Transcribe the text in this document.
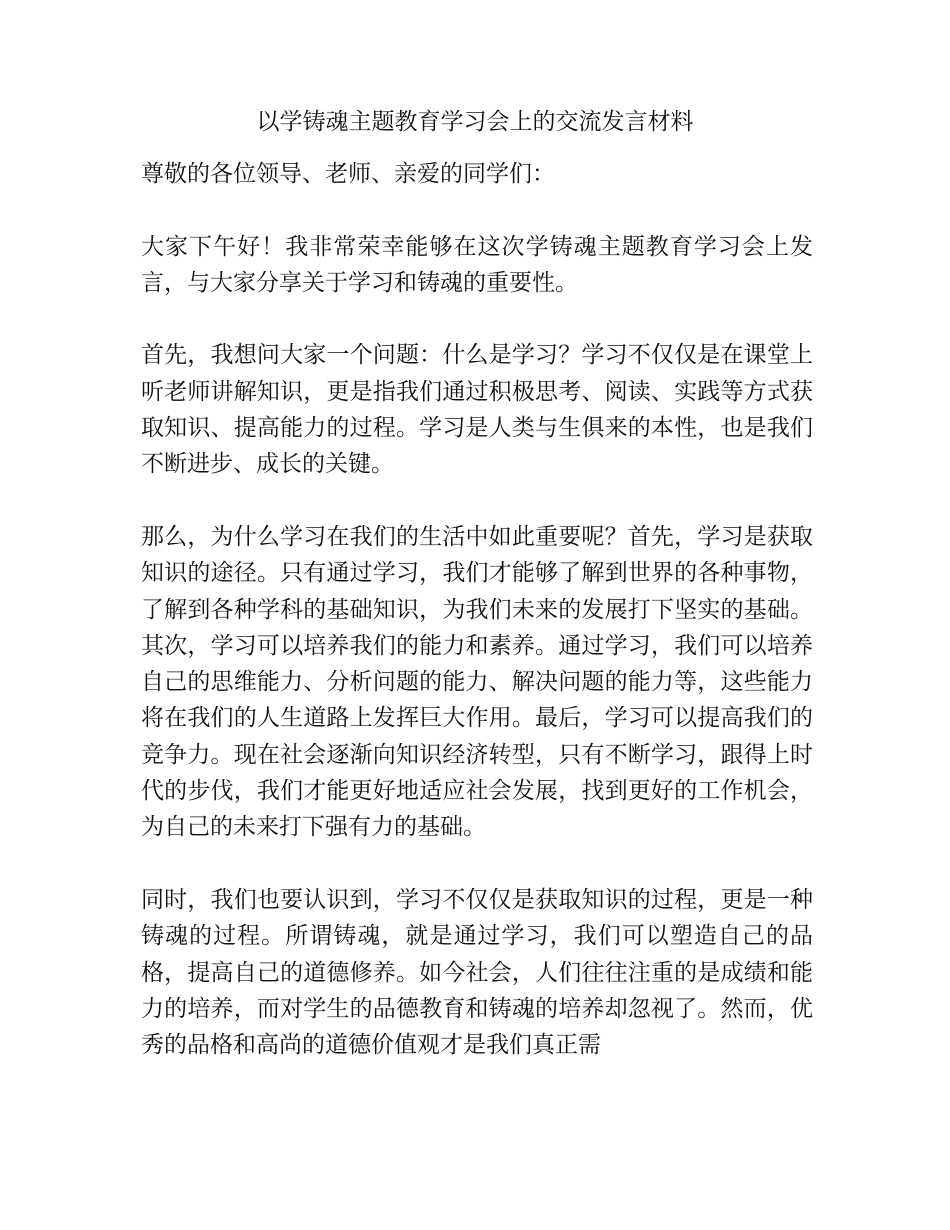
以学铸魂主题教育学习会上的交流发言材料

尊敬的各位领导、老师、亲爱的同学们：

大家下午好！我非常荣幸能够在这次学铸魂主题教育学习会上发言，与大家分享关于学习和铸魂的重要性。

首先，我想问大家一个问题：什么是学习？学习不仅仅是在课堂上听老师讲解知识，更是指我们通过积极思考、阅读、实践等方式获取知识、提高能力的过程。学习是人类与生俱来的本性，也是我们不断进步、成长的关键。

那么，为什么学习在我们的生活中如此重要呢？首先，学习是获取知识的途径。只有通过学习，我们才能够了解到世界的各种事物，了解到各种学科的基础知识，为我们未来的发展打下坚实的基础。其次，学习可以培养我们的能力和素养。通过学习，我们可以培养自己的思维能力、分析问题的能力、解决问题的能力等，这些能力将在我们的人生道路上发挥巨大作用。最后，学习可以提高我们的竞争力。现在社会逐渐向知识经济转型，只有不断学习，跟得上时代的步伐，我们才能更好地适应社会发展，找到更好的工作机会，为自己的未来打下强有力的基础。

同时，我们也要认识到，学习不仅仅是获取知识的过程，更是一种铸魂的过程。所谓铸魂，就是通过学习，我们可以塑造自己的品格，提高自己的道德修养。如今社会，人们往往注重的是成绩和能力的培养，而对学生的品德教育和铸魂的培养却忽视了。然而，优秀的品格和高尚的道德价值观才是我们真正需
